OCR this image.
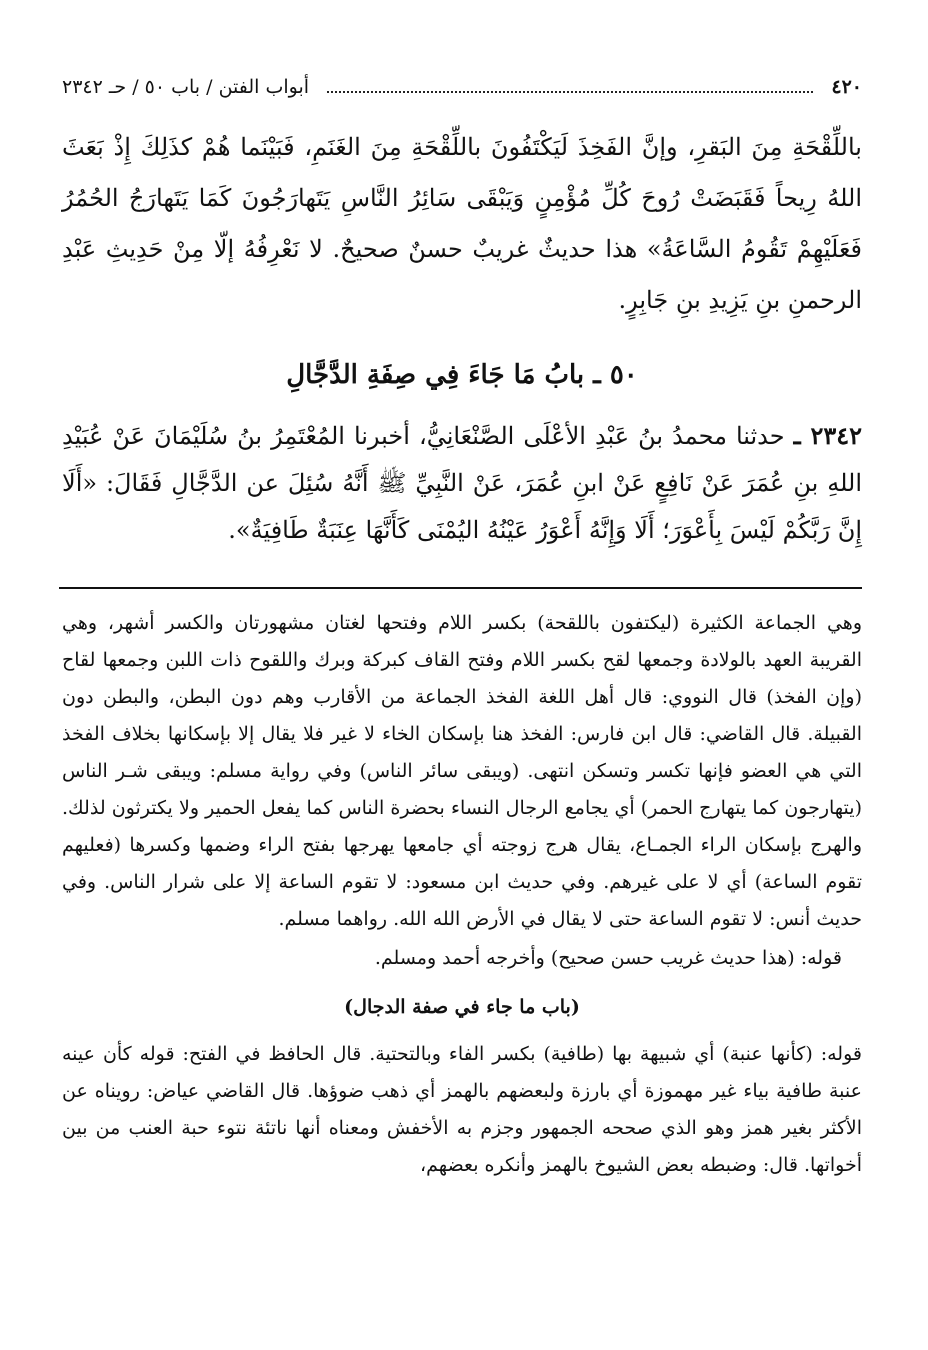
٤٢٠
أبواب الفتن / باب ٥٠ / حـ ٢٣٤٢
باللِّقْحَةِ مِنَ البَقرِ، وإنَّ الفَخِذَ لَيَكْتَفُونَ باللِّقْحَةِ مِنَ الغَنَمِ، فَبَيْنَما هُمْ كذَلِكَ إِذْ بَعَثَ اللهُ رِيحاً فَقَبَضَتْ رُوحَ كُلِّ مُؤْمِنٍ وَيَبْقَى سَائِرُ النَّاسِ يَتَهارَجُونَ كَمَا يَتَهارَجُ الحُمُرُ فَعَلَيْهِمْ تَقُومُ السَّاعَةُ» هذا حديثٌ غريبٌ حسنٌ صحيحٌ. لا نَعْرِفُهُ إلّا مِنْ حَدِيثِ عَبْدِ الرحمنِ بنِ يَزِيدِ بنِ جَابِرٍ.
٥٠ ـ بابُ مَا جَاءَ فِي صِفَةِ الدَّجَّالِ
٢٣٤٢ ـ حدثنا محمدُ بنُ عَبْدِ الأعْلَى الصَّنْعَانِيُّ، أخبرنا المُعْتَمِرُ بنُ سُلَيْمَانَ عَنْ عُبَيْدِ اللهِ بنِ عُمَرَ عَنْ نَافِعٍ عَنْ ابنِ عُمَرَ، عَنْ النَّبِيِّ ﷺ أَنَّهُ سُئِلَ عن الدَّجَّالِ فَقَالَ: «أَلَا إِنَّ رَبَّكُمْ لَيْسَ بِأَعْوَرَ؛ أَلَا وَإِنَّهُ أَعْوَرُ عَيْنُهُ اليُمْنَى كَأَنَّهَا عِنَبَةٌ طَافِيَةٌ».

وهي الجماعة الكثيرة (ليكتفون باللقحة) بكسر اللام وفتحها لغتان مشهورتان والكسر أشهر، وهي القريبة العهد بالولادة وجمعها لقح بكسر اللام وفتح القاف كبركة وبرك واللقوح ذات اللبن وجمعها لقاح (وإن الفخذ) قال النووي: قال أهل اللغة الفخذ الجماعة من الأقارب وهم دون البطن، والبطن دون القبيلة. قال القاضي: قال ابن فارس: الفخذ هنا بإسكان الخاء لا غير فلا يقال إلا بإسكانها بخلاف الفخذ التي هي العضو فإنها تكسر وتسكن انتهى. (ويبقى سائر الناس) وفي رواية مسلم: ويبقى شـر الناس (يتهارجون كما يتهارج الحمر) أي يجامع الرجال النساء بحضرة الناس كما يفعل الحمير ولا يكترثون لذلك. والهرج بإسكان الراء الجمـاع، يقال هرج زوجته أي جامعها يهرجها بفتح الراء وضمها وكسرها (فعليهم تقوم الساعة) أي لا على غيرهم. وفي حديث ابن مسعود: لا تقوم الساعة إلا على شرار الناس. وفي حديث أنس: لا تقوم الساعة حتى لا يقال في الأرض الله الله. رواهما مسلم.

قوله: (هذا حديث غريب حسن صحيح) وأخرجه أحمد ومسلم.

(باب ما جاء في صفة الدجال)

قوله: (كأنها عنبة) أي شبيهة بها (طافية) بكسر الفاء وبالتحتية. قال الحافظ في الفتح: قوله كأن عينه عنبة طافية بياء غير مهموزة أي بارزة ولبعضهم بالهمز أي ذهب ضوؤها. قال القاضي عياض: رويناه عن الأكثر بغير همز وهو الذي صححه الجمهور وجزم به الأخفش ومعناه أنها ناتئة نتوء حبة العنب من بين أخواتها. قال: وضبطه بعض الشيوخ بالهمز وأنكره بعضهم،
